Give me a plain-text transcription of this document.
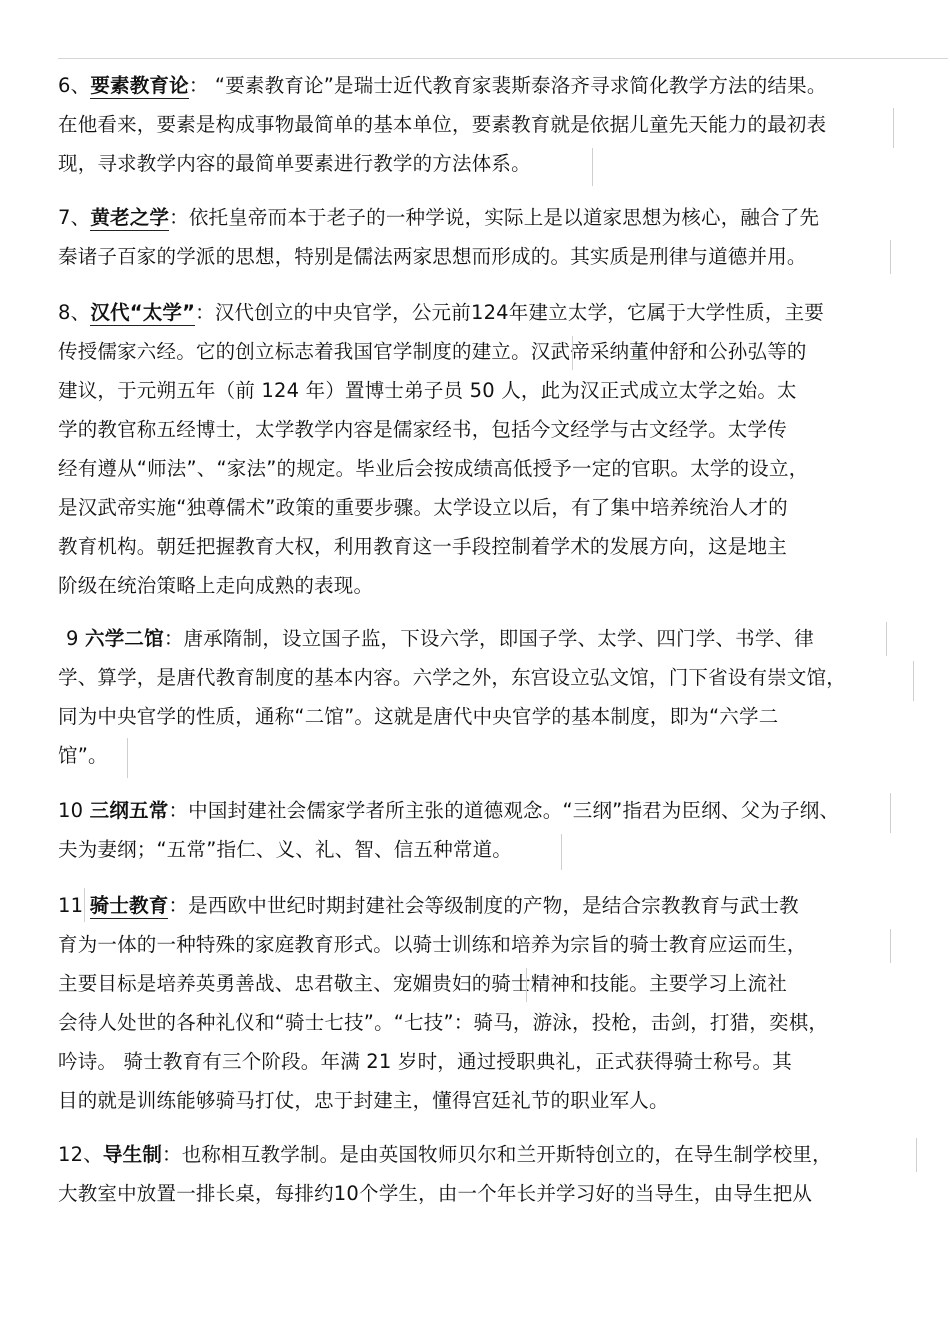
6、要素教育论： “要素教育论”是瑞士近代教育家裴斯泰洛齐寻求简化教学方法的结果。
在他看来，要素是构成事物最简单的基本单位，要素教育就是依据儿童先天能力的最初表
现，寻求教学内容的最简单要素进行教学的方法体系。
7、黄老之学：依托皇帝而本于老子的一种学说，实际上是以道家思想为核心，融合了先
秦诸子百家的学派的思想，特别是儒法两家思想而形成的。其实质是刑律与道德并用。
8、汉代“太学”：汉代创立的中央官学，公元前124年建立太学，它属于大学性质，主要
传授儒家六经。它的创立标志着我国官学制度的建立。汉武帝采纳董仲舒和公孙弘等的
建议，于元朔五年（前 124 年）置博士弟子员 50 人，此为汉正式成立太学之始。太
学的教官称五经博士，太学教学内容是儒家经书，包括今文经学与古文经学。太学传
经有遵从“师法”、“家法”的规定。毕业后会按成绩高低授予一定的官职。太学的设立，
是汉武帝实施“独尊儒术”政策的重要步骤。太学设立以后，有了集中培养统治人才的
教育机构。朝廷把握教育大权，利用教育这一手段控制着学术的发展方向，这是地主
阶级在统治策略上走向成熟的表现。
9 六学二馆：唐承隋制，设立国子监，下设六学，即国子学、太学、四门学、书学、律
学、算学，是唐代教育制度的基本内容。六学之外，东宫设立弘文馆，门下省设有崇文馆，
同为中央官学的性质，通称“二馆”。这就是唐代中央官学的基本制度，即为“六学二
馆”。
10 三纲五常：中国封建社会儒家学者所主张的道德观念。“三纲”指君为臣纲、父为子纲、
夫为妻纲；“五常”指仁、义、礼、智、信五种常道。
11 骑士教育：是西欧中世纪时期封建社会等级制度的产物，是结合宗教教育与武士教
育为一体的一种特殊的家庭教育形式。以骑士训练和培养为宗旨的骑士教育应运而生，
主要目标是培养英勇善战、忠君敬主、宠媚贵妇的骑士精神和技能。主要学习上流社
会待人处世的各种礼仪和“骑士七技”。“七技”：骑马，游泳，投枪，击剑，打猎，奕棋，
吟诗。 骑士教育有三个阶段。年满 21 岁时，通过授职典礼，正式获得骑士称号。其
目的就是训练能够骑马打仗，忠于封建主，懂得宫廷礼节的职业军人。
12、导生制：也称相互教学制。是由英国牧师贝尔和兰开斯特创立的，在导生制学校里，
大教室中放置一排长桌，每排约10个学生，由一个年长并学习好的当导生，由导生把从
